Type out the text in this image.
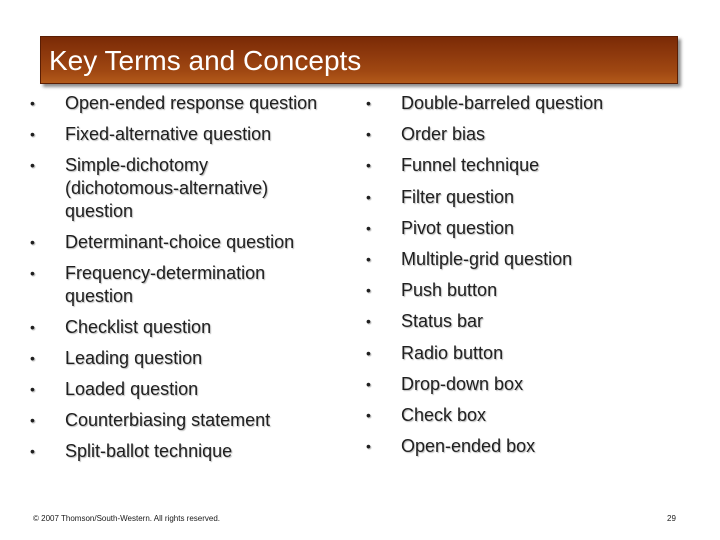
Key Terms and Concepts
• Open-ended response question
• Fixed-alternative question
• Simple-dichotomy (dichotomous-alternative) question
• Determinant-choice question
• Frequency-determination question
• Checklist question
• Leading question
• Loaded question
• Counterbiasing statement
• Split-ballot technique
• Double-barreled question
• Order bias
• Funnel technique
• Filter question
• Pivot question
• Multiple-grid question
• Push button
• Status bar
• Radio button
• Drop-down box
• Check box
• Open-ended box
© 2007 Thomson/South-Western. All rights reserved.	29
